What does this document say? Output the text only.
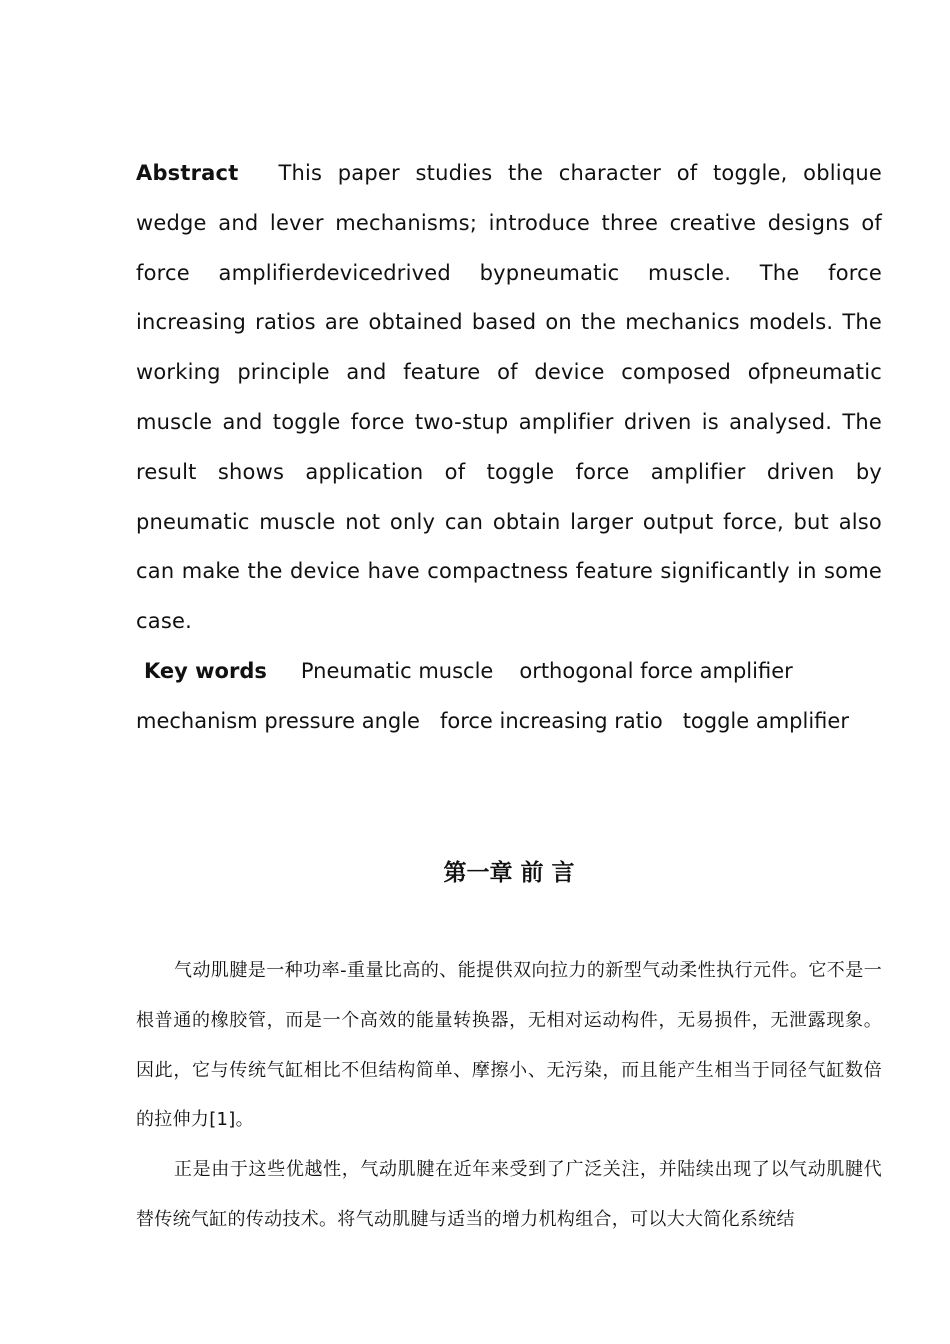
Abstract This paper studies the character of toggle, oblique wedge and lever mechanisms; introduce three creative designs of force amplifierdevicedrived bypneumatic muscle. The force increasing ratios are obtained based on the mechanics models. The working principle and feature of device composed ofpneumatic muscle and toggle force two-stup amplifier driven is analysed. The result shows application of toggle force amplifier driven by pneumatic muscle not only can obtain larger output force, but also can make the device have compactness feature significantly in some case.

Key words Pneumatic muscle orthogonal force amplifier
mechanism pressure angle force increasing ratio toggle amplifier

第一章 前 言

气动肌腱是一种功率-重量比高的、能提供双向拉力的新型气动柔性执行元件。它不是一根普通的橡胶管，而是一个高效的能量转换器，无相对运动构件，无易损件，无泄露现象。因此，它与传统气缸相比不但结构简单、摩擦小、无污染，而且能产生相当于同径气缸数倍的拉伸力[1]。

正是由于这些优越性，气动肌腱在近年来受到了广泛关注，并陆续出现了以气动肌腱代替传统气缸的传动技术。将气动肌腱与适当的增力机构组合，可以大大简化系统结
